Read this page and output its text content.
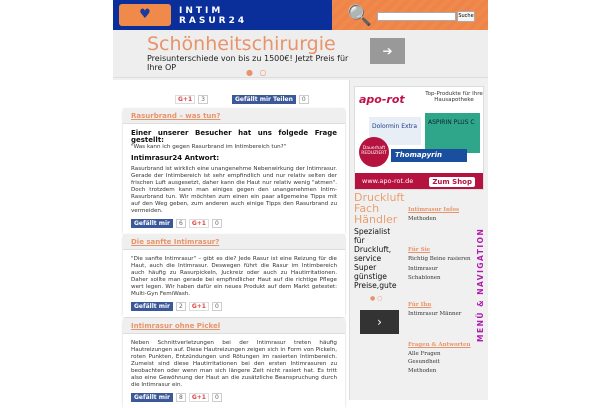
♥	INTIM
RASUR24	🔍	Suche
Schönheitschirurgie
Preisunterschiede von bis zu 1500€! Jetzt Preis für Ihre OP
➔
● ○
G+1	3	Gefällt mir Teilen	0
Rasurbrand – was tun?
Einer unserer Besucher hat uns folgede Frage gestellt:
"Was kann ich gegen Rasurbrand im Intimbereich tun?"
Intimrasur24 Antwort:
Rasurbrand ist wirklich eine unangenehme Nebenwirkung der Intimrasur. Gerade der Intimbereich ist sehr empfindlich und nur relativ selten der frischen Luft ausgesetzt, daher kann die Haut nur relativ wenig "atmen". Doch trotzdem kann man einiges gegen den unangenehmen Intim-Rasurbrand tun. Wir möchten zum einen ein paar allgemeine Tipps mit auf den Weg geben, zum anderen auch einige Tipps den Rasurbrand zu vermeiden.
Gefällt mir	6	G+1	0
Die sanfte Intimrasur?
"Die sanfte Intimrasur" – gibt es die? Jede Rasur ist eine Reizung für die Haut, auch die Intimrasur. Deswegen führt die Rasur im Intimbereich auch häufig zu Rasurpickeln, Juckreiz oder auch zu Hautirritationen. Daher sollte man gerade bei empfindlicher Haut auf die richtige Pflege wert legen. Wir haben dafür ein neues Produkt auf dem Markt getestet: Multi-Gyn FemiWash.
Gefällt mir	2	G+1	0
Intimrasur ohne Pickel
Neben Schnittverletzungen bei der Intimrasur treten häufig Hautreizungen auf. Diese Hautreizungen zeigen sich in Form von Pickeln, roten Punkten, Entzündungen und Rötungen im rasierten Intimbereich. Zumeist sind diese Hautirritationen bei den ersten Intimrasuren zu beobachten oder wenn man sich längere Zeit nicht rasiert hat. Es tritt also eine Gewöhnung der Haut an die zusätzliche Beanspruchung durch die Intimrasur ein.
Gefällt mir	8	G+1	0
apo-rot	Top-Produkte für Ihre Hausapotheke
Dolormin Extra
ASPIRIN PLUS C
Thomapyrin
Dauerhaft REDUZIERT
www.apo-rot.de	Zum Shop
Druckluft Fach Händler
Spezialist für Druckluft, service Super günstige Preise,gute
● ○
›
Intimrasur Infos
Methoden
Für Sie
Richtig Beine rasieren
Intimrasur Schablonen
Für Ihn
Intimrasur Männer
Fragen & Antworten
Alle Fragen
Gesundheit
Methoden
MENÜ & NAVIGATION
